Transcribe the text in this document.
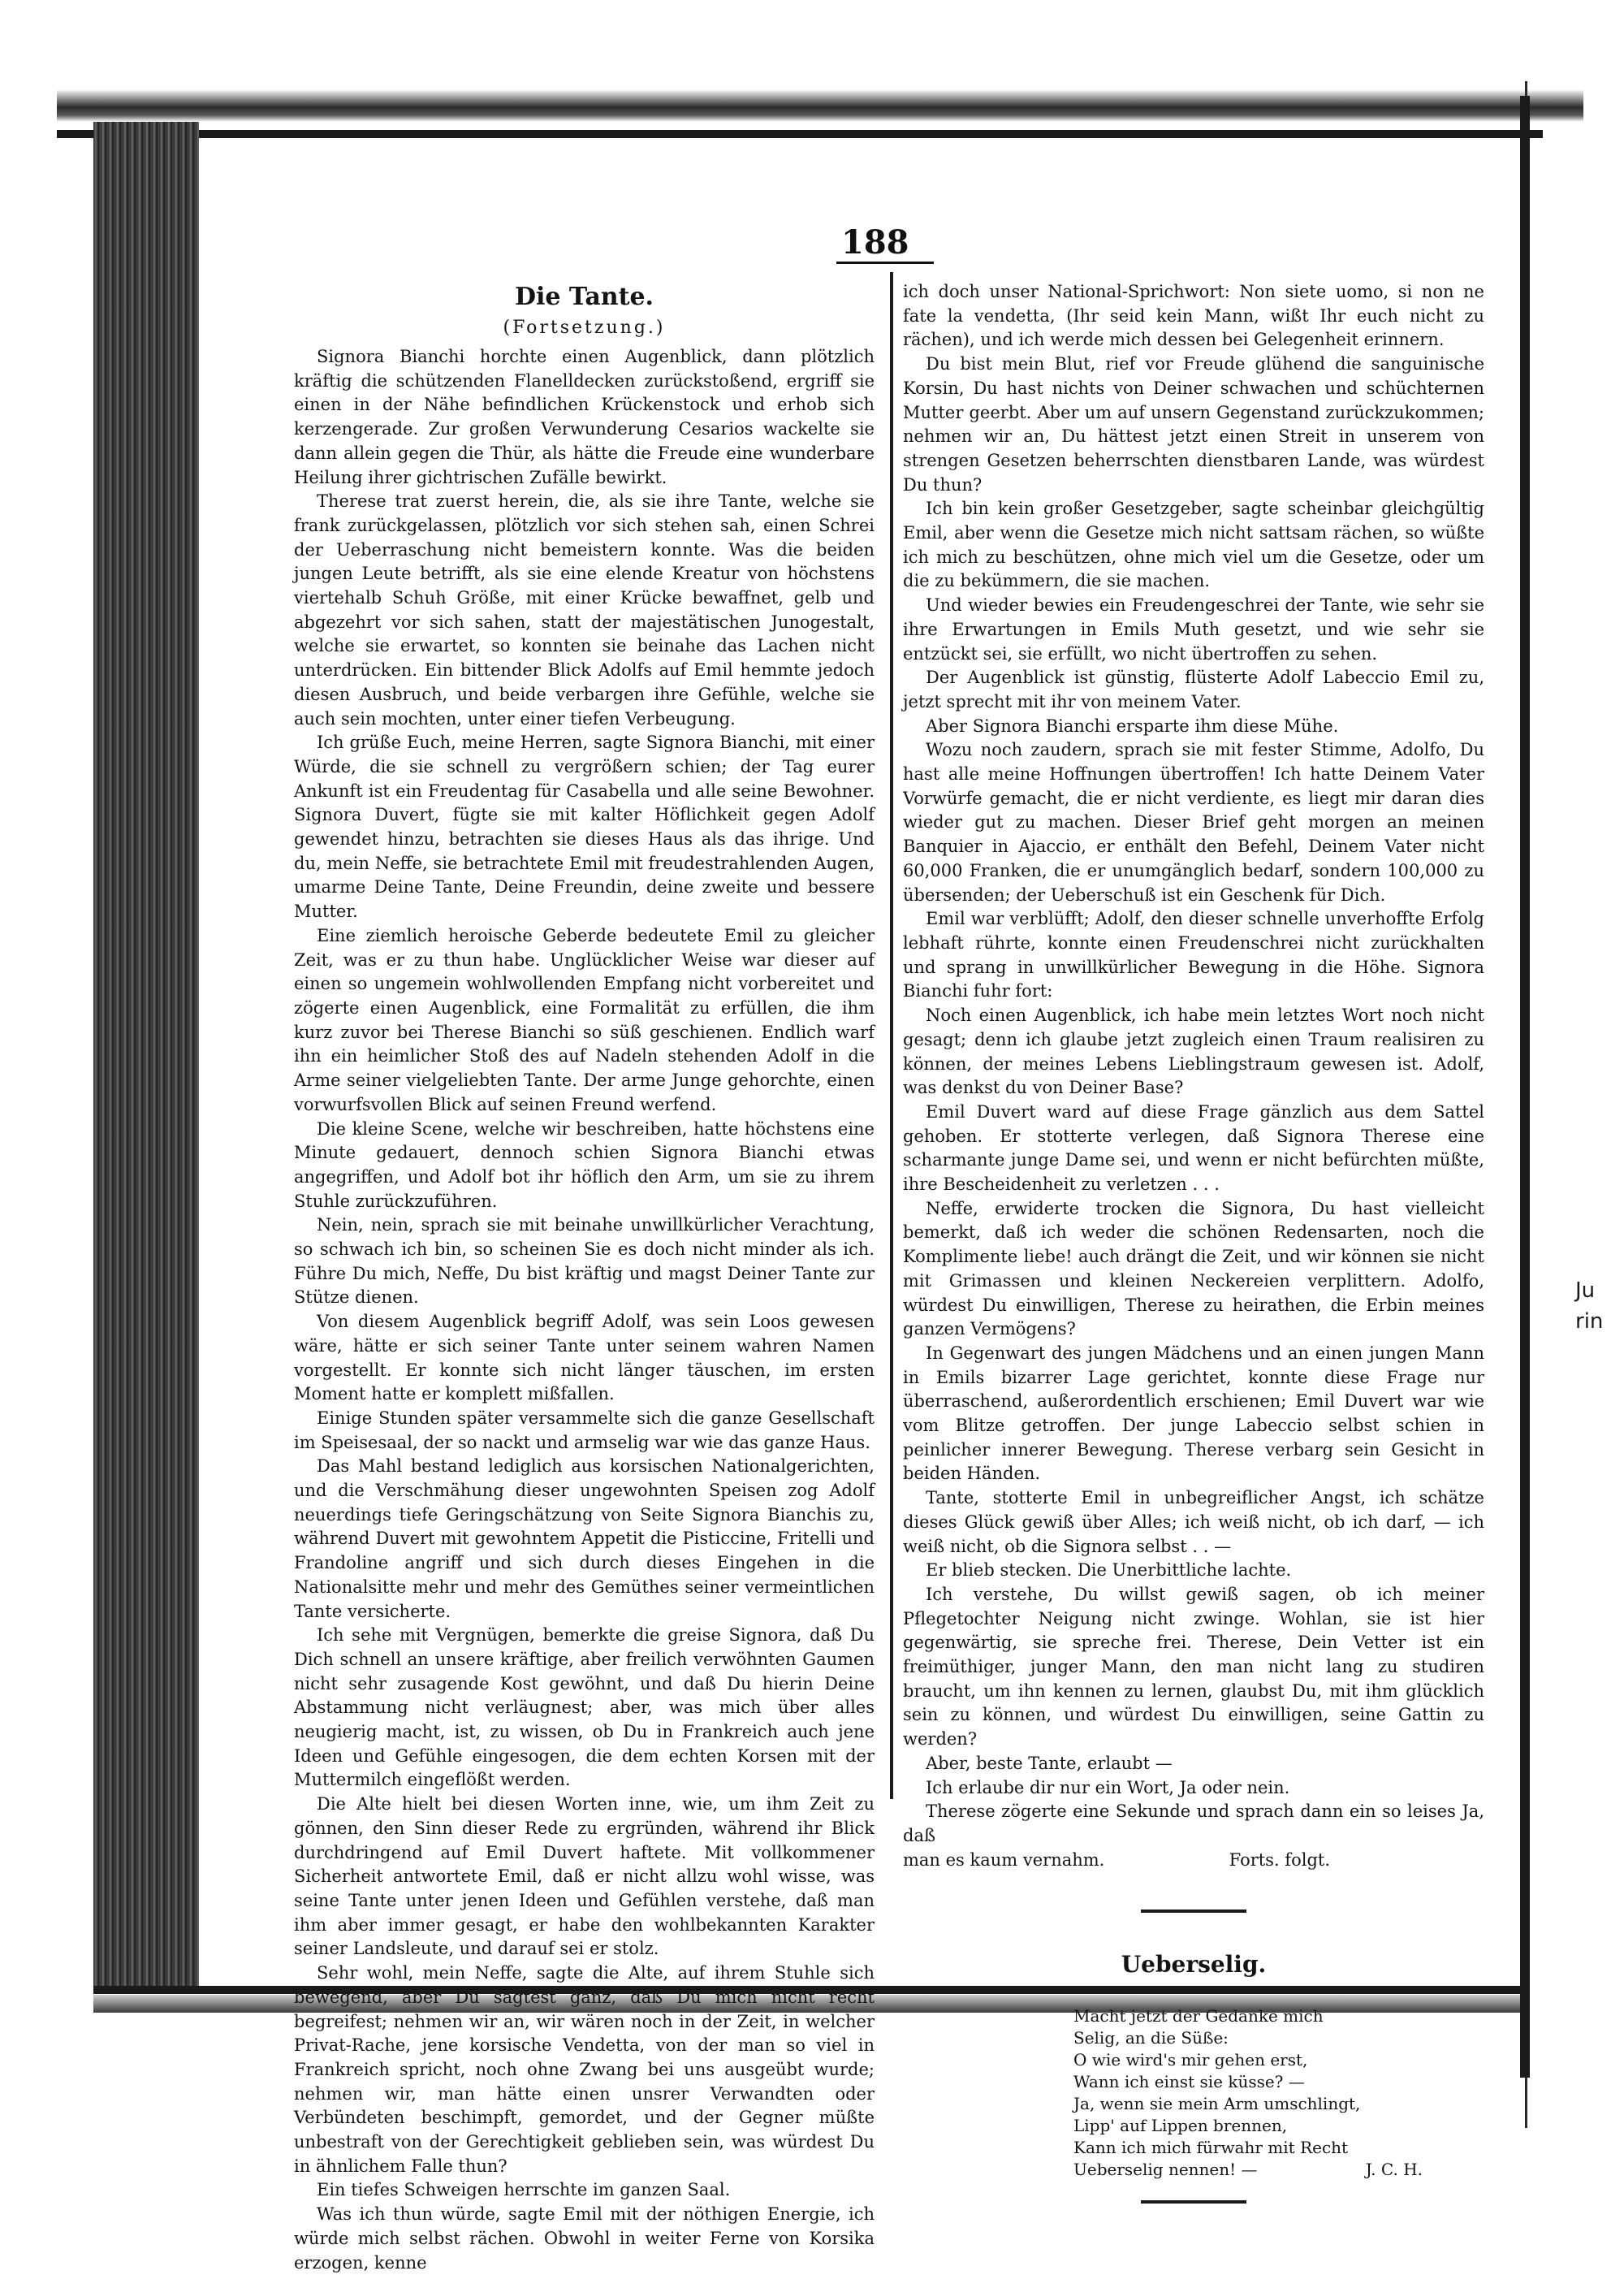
Ju
rin
188
Die Tante.
(Fortsetzung.)

Signora Bianchi horchte einen Augenblick, dann plötzlich kräftig die schützenden Flanelldecken zurückstoßend, ergriff sie einen in der Nähe befindlichen Krückenstock und erhob sich kerzengerade. Zur großen Verwunderung Cesarios wackelte sie dann allein gegen die Thür, als hätte die Freude eine wunderbare Heilung ihrer gichtrischen Zufälle bewirkt.

Therese trat zuerst herein, die, als sie ihre Tante, welche sie frank zurückgelassen, plötzlich vor sich stehen sah, einen Schrei der Ueberraschung nicht bemeistern konnte. Was die beiden jungen Leute betrifft, als sie eine elende Kreatur von höchstens viertehalb Schuh Größe, mit einer Krücke bewaffnet, gelb und abgezehrt vor sich sahen, statt der majestätischen Junogestalt, welche sie erwartet, so konnten sie beinahe das Lachen nicht unterdrücken. Ein bittender Blick Adolfs auf Emil hemmte jedoch diesen Ausbruch, und beide verbargen ihre Gefühle, welche sie auch sein mochten, unter einer tiefen Verbeugung.

Ich grüße Euch, meine Herren, sagte Signora Bianchi, mit einer Würde, die sie schnell zu vergrößern schien; der Tag eurer Ankunft ist ein Freudentag für Casabella und alle seine Bewohner. Signora Duvert, fügte sie mit kalter Höflichkeit gegen Adolf gewendet hinzu, betrachten sie dieses Haus als das ihrige. Und du, mein Neffe, sie betrachtete Emil mit freudestrahlenden Augen, umarme Deine Tante, Deine Freundin, deine zweite und bessere Mutter.

Eine ziemlich heroische Geberde bedeutete Emil zu gleicher Zeit, was er zu thun habe. Unglücklicher Weise war dieser auf einen so ungemein wohlwollenden Empfang nicht vorbereitet und zögerte einen Augenblick, eine Formalität zu erfüllen, die ihm kurz zuvor bei Therese Bianchi so süß geschienen. Endlich warf ihn ein heimlicher Stoß des auf Nadeln stehenden Adolf in die Arme seiner vielgeliebten Tante. Der arme Junge gehorchte, einen vorwurfsvollen Blick auf seinen Freund werfend.

Die kleine Scene, welche wir beschreiben, hatte höchstens eine Minute gedauert, dennoch schien Signora Bianchi etwas angegriffen, und Adolf bot ihr höflich den Arm, um sie zu ihrem Stuhle zurückzuführen.

Nein, nein, sprach sie mit beinahe unwillkürlicher Verachtung, so schwach ich bin, so scheinen Sie es doch nicht minder als ich. Führe Du mich, Neffe, Du bist kräftig und magst Deiner Tante zur Stütze dienen.

Von diesem Augenblick begriff Adolf, was sein Loos gewesen wäre, hätte er sich seiner Tante unter seinem wahren Namen vorgestellt. Er konnte sich nicht länger täuschen, im ersten Moment hatte er komplett mißfallen.

Einige Stunden später versammelte sich die ganze Gesellschaft im Speisesaal, der so nackt und armselig war wie das ganze Haus.

Das Mahl bestand lediglich aus korsischen Nationalgerichten, und die Verschmähung dieser ungewohnten Speisen zog Adolf neuerdings tiefe Geringschätzung von Seite Signora Bianchis zu, während Duvert mit gewohntem Appetit die Pisticcine, Fritelli und Frandoline angriff und sich durch dieses Eingehen in die Nationalsitte mehr und mehr des Gemüthes seiner vermeintlichen Tante versicherte.

Ich sehe mit Vergnügen, bemerkte die greise Signora, daß Du Dich schnell an unsere kräftige, aber freilich verwöhnten Gaumen nicht sehr zusagende Kost gewöhnt, und daß Du hierin Deine Abstammung nicht verläugnest; aber, was mich über alles neugierig macht, ist, zu wissen, ob Du in Frankreich auch jene Ideen und Gefühle eingesogen, die dem echten Korsen mit der Muttermilch eingeflößt werden.

Die Alte hielt bei diesen Worten inne, wie, um ihm Zeit zu gönnen, den Sinn dieser Rede zu ergründen, während ihr Blick durchdringend auf Emil Duvert haftete. Mit vollkommener Sicherheit antwortete Emil, daß er nicht allzu wohl wisse, was seine Tante unter jenen Ideen und Gefühlen verstehe, daß man ihm aber immer gesagt, er habe den wohlbekannten Karakter seiner Landsleute, und darauf sei er stolz.

Sehr wohl, mein Neffe, sagte die Alte, auf ihrem Stuhle sich bewegend, aber Du sagtest ganz, daß Du mich nicht recht begreifest; nehmen wir an, wir wären noch in der Zeit, in welcher Privat-Rache, jene korsische Vendetta, von der man so viel in Frankreich spricht, noch ohne Zwang bei uns ausgeübt wurde; nehmen wir, man hätte einen unsrer Verwandten oder Verbündeten beschimpft, gemordet, und der Gegner müßte unbestraft von der Gerechtigkeit geblieben sein, was würdest Du in ähnlichem Falle thun?

Ein tiefes Schweigen herrschte im ganzen Saal.

Was ich thun würde, sagte Emil mit der nöthigen Energie, ich würde mich selbst rächen. Obwohl in weiter Ferne von Korsika erzogen, kenne

ich doch unser National-Sprichwort: Non siete uomo, si non ne fate la vendetta, (Ihr seid kein Mann, wißt Ihr euch nicht zu rächen), und ich werde mich dessen bei Gelegenheit erinnern.

Du bist mein Blut, rief vor Freude glühend die sanguinische Korsin, Du hast nichts von Deiner schwachen und schüchternen Mutter geerbt. Aber um auf unsern Gegenstand zurückzukommen; nehmen wir an, Du hättest jetzt einen Streit in unserem von strengen Gesetzen beherrschten dienstbaren Lande, was würdest Du thun?

Ich bin kein großer Gesetzgeber, sagte scheinbar gleichgültig Emil, aber wenn die Gesetze mich nicht sattsam rächen, so wüßte ich mich zu beschützen, ohne mich viel um die Gesetze, oder um die zu bekümmern, die sie machen.

Und wieder bewies ein Freudengeschrei der Tante, wie sehr sie ihre Erwartungen in Emils Muth gesetzt, und wie sehr sie entzückt sei, sie erfüllt, wo nicht übertroffen zu sehen.

Der Augenblick ist günstig, flüsterte Adolf Labeccio Emil zu, jetzt sprecht mit ihr von meinem Vater.

Aber Signora Bianchi ersparte ihm diese Mühe.

Wozu noch zaudern, sprach sie mit fester Stimme, Adolfo, Du hast alle meine Hoffnungen übertroffen! Ich hatte Deinem Vater Vorwürfe gemacht, die er nicht verdiente, es liegt mir daran dies wieder gut zu machen. Dieser Brief geht morgen an meinen Banquier in Ajaccio, er enthält den Befehl, Deinem Vater nicht 60,000 Franken, die er unumgänglich bedarf, sondern 100,000 zu übersenden; der Ueberschuß ist ein Geschenk für Dich.

Emil war verblüfft; Adolf, den dieser schnelle unverhoffte Erfolg lebhaft rührte, konnte einen Freudenschrei nicht zurückhalten und sprang in unwillkürlicher Bewegung in die Höhe. Signora Bianchi fuhr fort:

Noch einen Augenblick, ich habe mein letztes Wort noch nicht gesagt; denn ich glaube jetzt zugleich einen Traum realisiren zu können, der meines Lebens Lieblingstraum gewesen ist. Adolf, was denkst du von Deiner Base?

Emil Duvert ward auf diese Frage gänzlich aus dem Sattel gehoben. Er stotterte verlegen, daß Signora Therese eine scharmante junge Dame sei, und wenn er nicht befürchten müßte, ihre Bescheidenheit zu verletzen . . .

Neffe, erwiderte trocken die Signora, Du hast vielleicht bemerkt, daß ich weder die schönen Redensarten, noch die Komplimente liebe! auch drängt die Zeit, und wir können sie nicht mit Grimassen und kleinen Neckereien verplittern. Adolfo, würdest Du einwilligen, Therese zu heirathen, die Erbin meines ganzen Vermögens?

In Gegenwart des jungen Mädchens und an einen jungen Mann in Emils bizarrer Lage gerichtet, konnte diese Frage nur überraschend, außerordentlich erschienen; Emil Duvert war wie vom Blitze getroffen. Der junge Labeccio selbst schien in peinlicher innerer Bewegung. Therese verbarg sein Gesicht in beiden Händen.

Tante, stotterte Emil in unbegreiflicher Angst, ich schätze dieses Glück gewiß über Alles; ich weiß nicht, ob ich darf, — ich weiß nicht, ob die Signora selbst . . —

Er blieb stecken. Die Unerbittliche lachte.

Ich verstehe, Du willst gewiß sagen, ob ich meiner Pflegetochter Neigung nicht zwinge. Wohlan, sie ist hier gegenwärtig, sie spreche frei. Therese, Dein Vetter ist ein freimüthiger, junger Mann, den man nicht lang zu studiren braucht, um ihn kennen zu lernen, glaubst Du, mit ihm glücklich sein zu können, und würdest Du einwilligen, seine Gattin zu werden?

Aber, beste Tante, erlaubt —

Ich erlaube dir nur ein Wort, Ja oder nein.

Therese zögerte eine Sekunde und sprach dann ein so leises Ja, daß

man es kaum vernahm.	Forts. folgt.
Ueberselig.
Macht jetzt der Gedanke mich
Selig, an die Süße:
O wie wird's mir gehen erst,
Wann ich einst sie küsse? —
Ja, wenn sie mein Arm umschlingt,
Lipp' auf Lippen brennen,
Kann ich mich fürwahr mit Recht
Ueberselig nennen! —	J. C. H.
